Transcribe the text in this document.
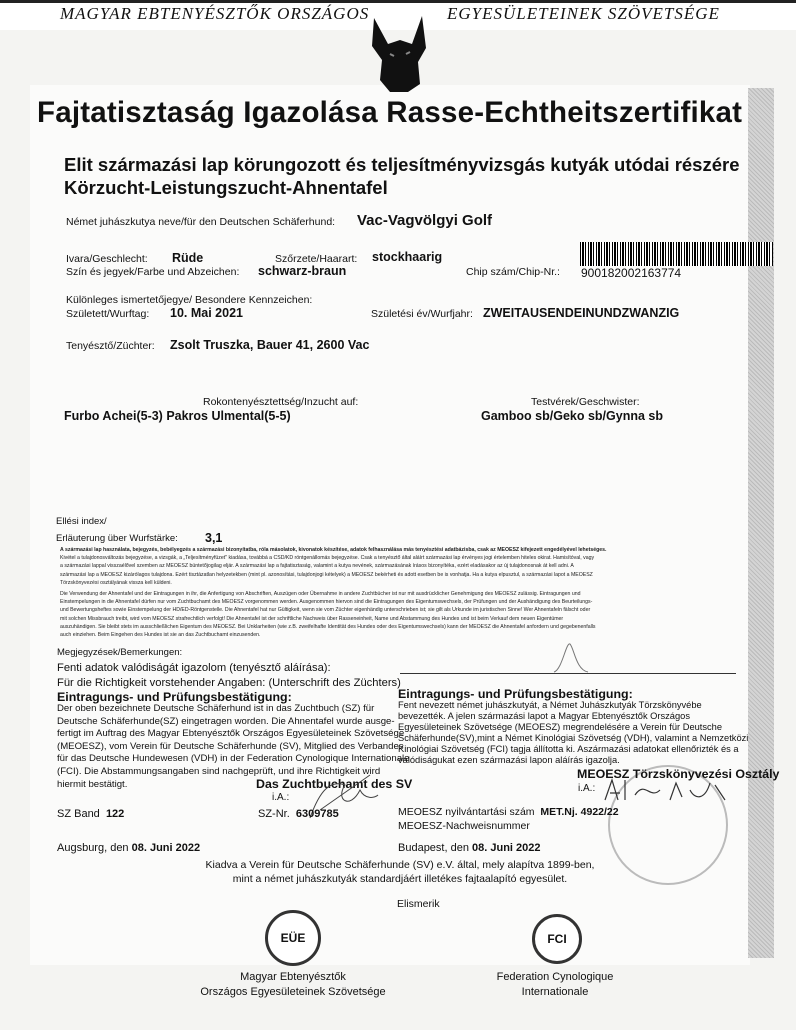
MAGYAR EBTENYÉSZTŐK ORSZÁGOS	EGYESÜLETEINEK SZÖVETSÉGE
Fajtatisztaság Igazolása Rasse-Echtheitszertifikat
Elit származási lap körungozott és teljesítményvizsgás kutyák utódai részére
Körzucht-Leistungszucht-Ahnentafel
Német juhászkutya neve/für den Deutschen Schäferhund: Vac-Vagvölgyi Golf
Ivara/Geschlecht: Rüde	Szőrzete/Haarart: stockhaarig
Szín és jegyek/Farbe und Abzeichen: schwarz-braun	Chip szám/Chip-Nr.: 900182002163774
Különleges ismertetőjegye/ Besondere Kennzeichen:
Született/Wurftag: 10. Mai 2021	Születési év/Wurfjahr: ZWEITAUSENDEINUNDZWANZIG
Tenyésztő/Züchter: Zsolt Truszka, Bauer 41, 2600 Vac
Rokontenyésztettség/Inzucht auf:
Furbo Achei(5-3) Pakros Ulmental(5-5)
Testvérek/Geschwister:
Gamboo sb/Geko sb/Gynna sb
Ellési index/
Erläuterung über Wurfstärke: 3,1
A származási lap használata, bejegyzés, bebélyegzés a származási bizonyítatba, róla másolatok, kivonatok készítése, adatok felhasználása más tenyésztési adatbázisba, csak az MEOESZ kifejezett engedélyével lehetséges.
Kivétel a tulajdonosváltozás bejegyzése, a vizsgák, a „Teljesítményfüzet" kiadása, továbbá a CSD/KD röntgenállomás bejegyzése. Csak a tenyésztő által aláírt származási lap érvényes jogi értelemben hiteles okirat. Hamisítóval, vagy
a származási lappal visszaélővel szemben az MEOESZ büntetőjogilag eljár. A származási lap a fajtatisztaság, valamint a kutya nevének, származásának írásos bizonyítéka, ezért eladásakor az új tulajdonosnak át kell adni. A
származási lap a MEOESZ kizárólagos tulajdona. Ezért tisztázatlan helyzetekben (mint pl. azonosítási, tulajdonjogi kételyek) a MEOESZ bekérheti és adott esetben be is vonhatja. Ha a kutya elpusztul, a származási lapot a MEOESZ
Törzskönyvezési osztályának vissza kell küldeni.
Die Verwendung der Ahnentafel und der Eintragungen in ihr, die Anfertigung von Abschriften, Auszügen oder Übernahme in andere Zuchtbücher ist nur mit ausdrücklicher Genehmigung des MEOESZ zulässig. Eintragungen und
Einstempelungen in die Ahnentafel dürfen nur vom Zuchtbuchamt des MEOESZ vorgenommen werden. Ausgenommen hiervon sind die Eintragungen des Eigentumswechsels, der Prüfungen und der Aushändigung des Beurteilungs-
und Bewertungsheftes sowie Einstempelung der HD/ED-Röntgenstelle. Die Ahnentafel hat nur Gültigkeit, wenn sie vom Züchter eigenhändig unterschrieben ist; sie gilt als Urkunde im juristischen Sinne! Wer Ahnentafeln fälscht oder
mit solchen Missbrauch treibt, wird vom MEOESZ strafrechtlich verfolgt! Die Ahnentafel ist der schriftliche Nachweis über Rasseneinheit, Name und Abstammung des Hundes und ist beim Verkauf dem neuen Eigentümer
auszuhändigen. Sie bleibt stets im ausschließlichen Eigentum des MEOESZ. Bei Unklarheiten (wie z.B. zweifelhafte Identität des Hundes oder des Eigentumswechsels) kann der MEOESZ die Ahnentafel anfordern und gegebenenfalls
auch einziehen. Beim Eingehen des Hundes ist sie an das Zuchtbuchamt einzusenden.
Megjegyzések/Bemerkungen:
Fenti adatok valódiságát igazolom (tenyésztő aláírása):
Für die Richtigkeit vorstehender Angaben: (Unterschrift des Züchters)
Eintragungs- und Prüfungsbestätigung:
Der oben bezeichnete Deutsche Schäferhund ist in das Zuchtbuch (SZ) für
Deutsche Schäferhunde(SZ) eingetragen worden. Die Ahnentafel wurde ausge-
fertigt im Auftrag des Magyar Ebtenyésztők Országos Egyesületeinek Szövetsége
(MEOESZ), vom Verein für Deutsche Schäferhunde (SV), Mitglied des Verbandes
für das Deutsche Hundewesen (VDH) in der Federation Cynologique Internationale
(FCI). Die Abstammungsangaben sind nachgeprüft, und ihre Richtigkeit wird
hiermit bestätigt.	Das Zuchtbuchamt des SV
i.A.:
SZ Band 122	SZ-Nr. 6309785
Augsburg, den 08. Juni 2022
Eintragungs- und Prüfungsbestätigung:
Fent nevezett német juhászkutyát, a Német Juhászkutyák Törzskönyvébe
bevezették. A jelen származási lapot a Magyar Ebtenyésztők Országos
Egyesületeinek Szövetsége (MEOESZ) megrendelésére a Verein für Deutsche
Schäferhunde(SV),mint a Német Kinológiai Szövetség (VDH), valamint a Nemzetközi
Kinológiai Szövetség (FCI) tagja állította ki. Aszármazási adatokat ellenőrizték és a
valódiságukat ezen származási lapon aláírás igazolja.
MEOESZ Törzskönyvezési Osztály
i.A.:
MEOESZ nyilvántartási szám MET.Nj. 4922/22
MEOESZ-Nachweisnummer
Budapest, den 08. Juni 2022
Kiadva a Verein für Deutsche Schäferhunde (SV) e.V. által, mely alapítva 1899-ben,
mint a német juhászkutyák standardjáért illetékes fajtaalapító egyesület.
Elismerik
EÜE	FCI
Magyar Ebtenyésztők
Országos Egyesületeinek Szövetsége
Federation Cynologique
Internationale
